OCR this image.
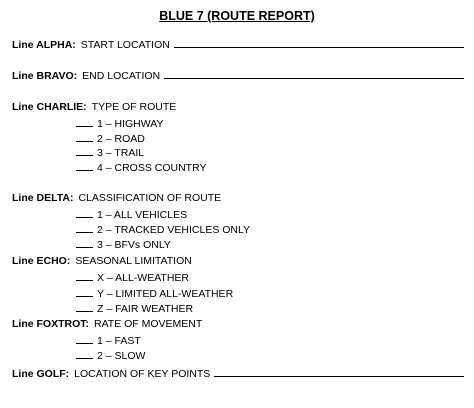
BLUE 7 (ROUTE REPORT)
Line ALPHA: START LOCATION
Line BRAVO: END LOCATION
Line CHARLIE: TYPE OF ROUTE
1 – HIGHWAY
2 – ROAD
3 – TRAIL
4 – CROSS COUNTRY
Line DELTA: CLASSIFICATION OF ROUTE
1 – ALL VEHICLES
2 – TRACKED VEHICLES ONLY
3 – BFVs ONLY
Line ECHO: SEASONAL LIMITATION
X – ALL-WEATHER
Y – LIMITED ALL-WEATHER
Z – FAIR WEATHER
Line FOXTROT: RATE OF MOVEMENT
1 – FAST
2 – SLOW
Line GOLF: LOCATION OF KEY POINTS
